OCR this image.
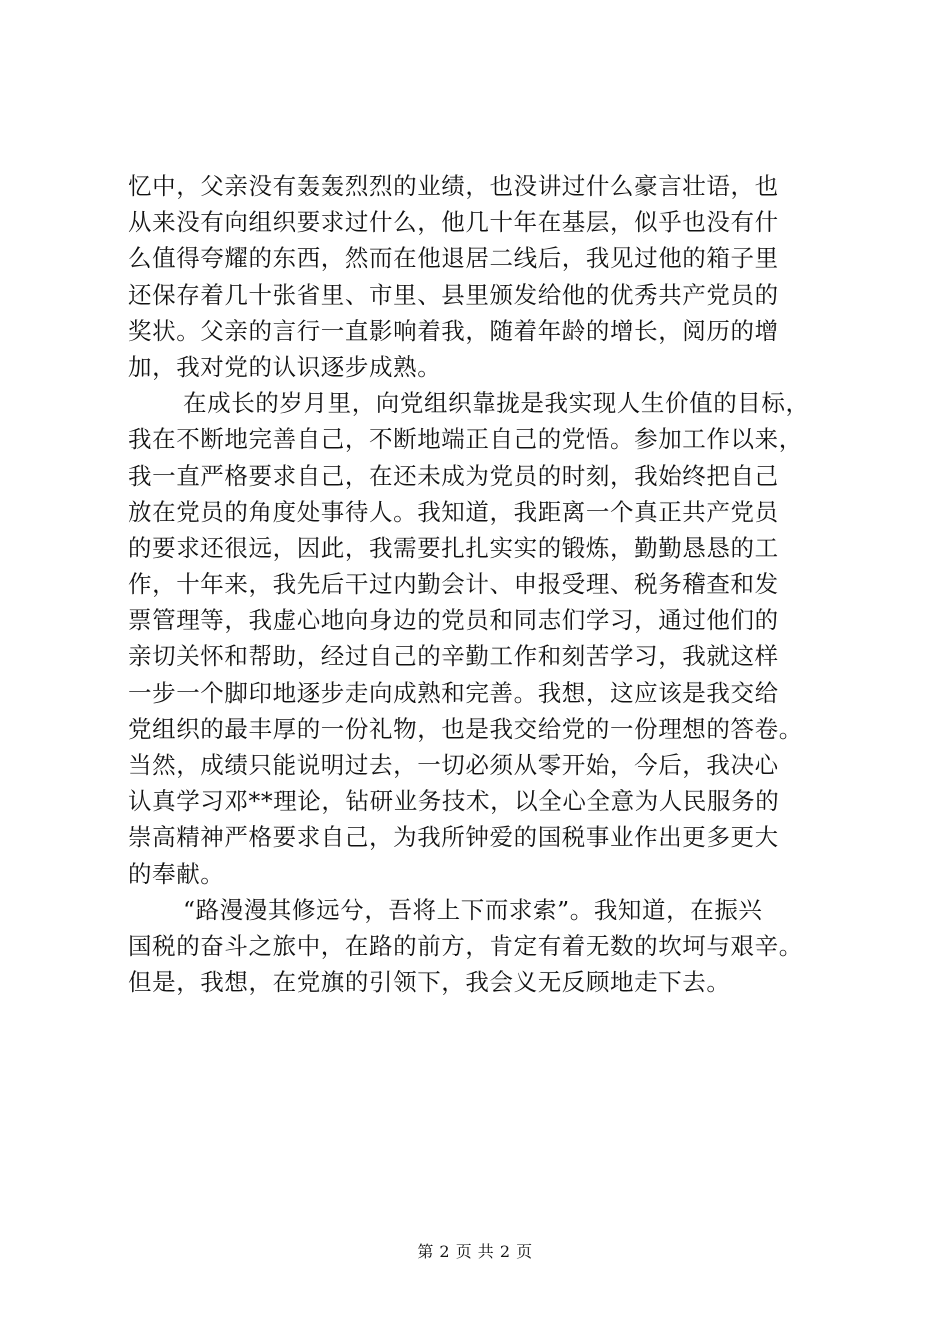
忆中，父亲没有轰轰烈烈的业绩，也没讲过什么豪言壮语，也
从来没有向组织要求过什么，他几十年在基层，似乎也没有什
么值得夸耀的东西，然而在他退居二线后，我见过他的箱子里
还保存着几十张省里、市里、县里颁发给他的优秀共产党员的
奖状。父亲的言行一直影响着我，随着年龄的增长，阅历的增
加，我对党的认识逐步成熟。
在成长的岁月里，向党组织靠拢是我实现人生价值的目标，
我在不断地完善自己，不断地端正自己的党悟。参加工作以来，
我一直严格要求自己，在还未成为党员的时刻，我始终把自己
放在党员的角度处事待人。我知道，我距离一个真正共产党员
的要求还很远，因此，我需要扎扎实实的锻炼，勤勤恳恳的工
作，十年来，我先后干过内勤会计、申报受理、税务稽查和发
票管理等，我虚心地向身边的党员和同志们学习，通过他们的
亲切关怀和帮助，经过自己的辛勤工作和刻苦学习，我就这样
一步一个脚印地逐步走向成熟和完善。我想，这应该是我交给
党组织的最丰厚的一份礼物，也是我交给党的一份理想的答卷。
当然，成绩只能说明过去，一切必须从零开始，今后，我决心
认真学习邓**理论，钻研业务技术，以全心全意为人民服务的
崇高精神严格要求自己，为我所钟爱的国税事业作出更多更大
的奉献。
“路漫漫其修远兮，吾将上下而求索”。我知道，在振兴
国税的奋斗之旅中，在路的前方，肯定有着无数的坎坷与艰辛。
但是，我想，在党旗的引领下，我会义无反顾地走下去。
第 2 页 共 2 页
